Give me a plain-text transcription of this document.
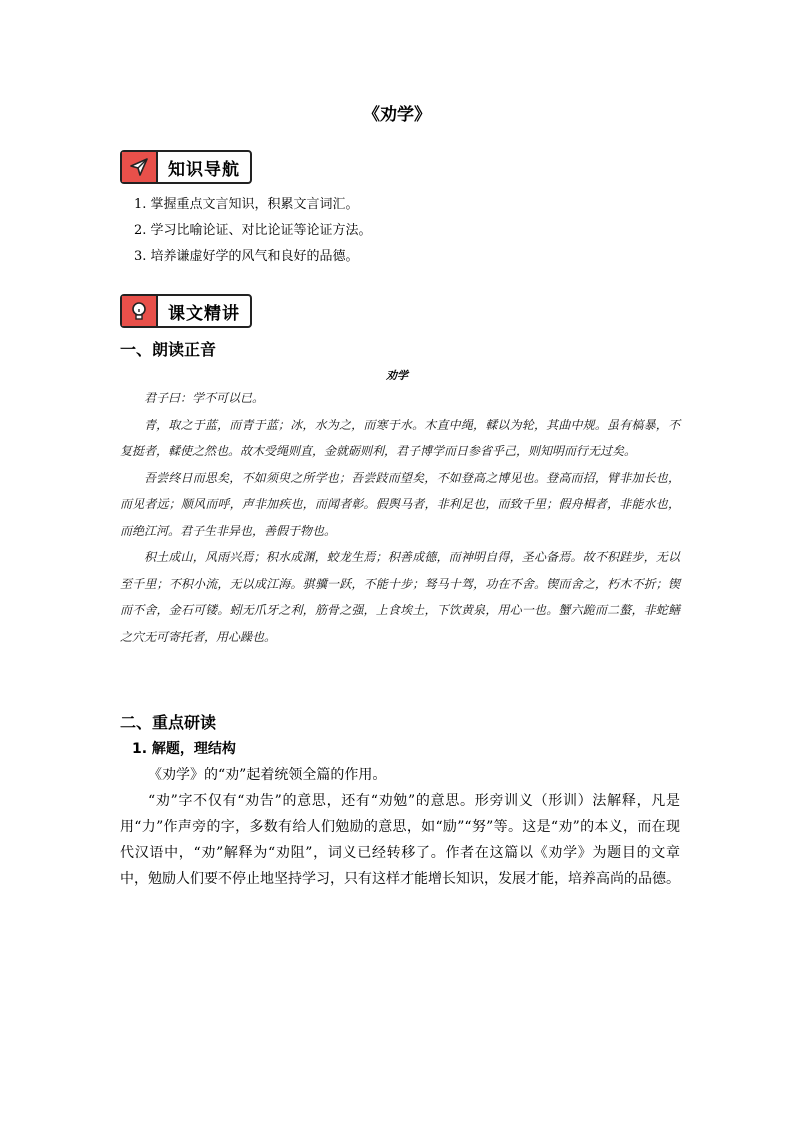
《劝学》
知识导航
1. 掌握重点文言知识，积累文言词汇。
2. 学习比喻论证、对比论证等论证方法。
3. 培养谦虚好学的风气和良好的品德。
课文精讲
一、朗读正音
劝学

君子曰：学不可以已。

青，取之于蓝，而青于蓝；冰，水为之，而寒于水。木直中绳，輮以为轮，其曲中规。虽有槁暴，不复挺者，輮使之然也。故木受绳则直，金就砺则利，君子博学而日参省乎己，则知明而行无过矣。

吾尝终日而思矣，不如须臾之所学也；吾尝跂而望矣，不如登高之博见也。登高而招，臂非加长也，而见者远；顺风而呼，声非加疾也，而闻者彰。假舆马者，非利足也，而致千里；假舟楫者，非能水也，而绝江河。君子生非异也，善假于物也。

积土成山，风雨兴焉；积水成渊，蛟龙生焉；积善成德，而神明自得，圣心备焉。故不积跬步，无以至千里；不积小流，无以成江海。骐骥一跃，不能十步；驽马十驾，功在不舍。锲而舍之，朽木不折；锲而不舍，金石可镂。蚓无爪牙之利，筋骨之强，上食埃土，下饮黄泉，用心一也。蟹六跪而二螯，非蛇鳝之穴无可寄托者，用心躁也。

二、重点研读
1. 解题，理结构

《劝学》的“劝”起着统领全篇的作用。

“劝”字不仅有“劝告”的意思，还有“劝勉”的意思。形旁训义（形训）法解释，凡是用“力”作声旁的字，多数有给人们勉励的意思，如“励”“努”等。这是“劝”的本义，而在现代汉语中，“劝”解释为“劝阻”，词义已经转移了。作者在这篇以《劝学》为题目的文章中，勉励人们要不停止地坚持学习，只有这样才能增长知识，发展才能，培养高尚的品德。
